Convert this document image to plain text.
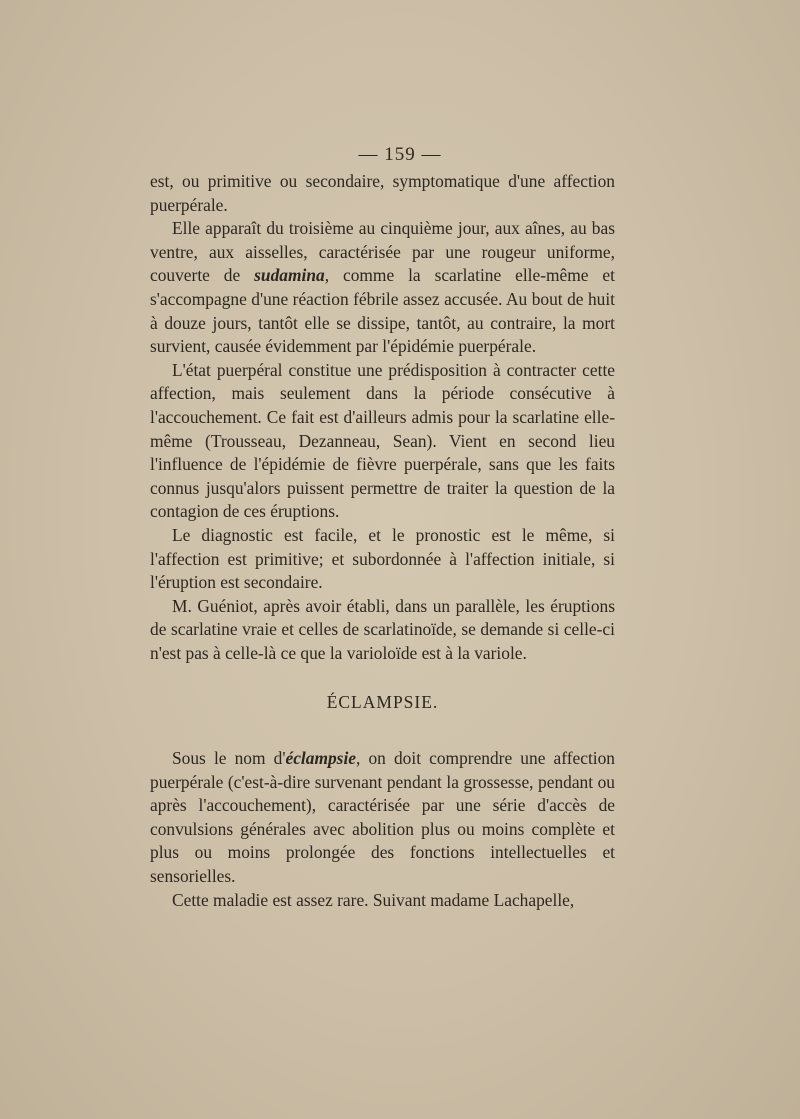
— 159 —

est, ou primitive ou secondaire, symptomatique d'une affection puerpérale.

Elle apparaît du troisième au cinquième jour, aux aînes, au bas ventre, aux aisselles, caractérisée par une rougeur uniforme, couverte de sudamina, comme la scarlatine elle-même et s'accompagne d'une réaction fébrile assez accusée. Au bout de huit à douze jours, tantôt elle se dissipe, tantôt, au contraire, la mort survient, causée évidemment par l'épidémie puerpérale.

L'état puerpéral constitue une prédisposition à contracter cette affection, mais seulement dans la période consécutive à l'accouchement. Ce fait est d'ailleurs admis pour la scarlatine elle-même (Trousseau, Dezanneau, Sean). Vient en second lieu l'influence de l'épidémie de fièvre puerpérale, sans que les faits connus jusqu'alors puissent permettre de traiter la question de la contagion de ces éruptions.

Le diagnostic est facile, et le pronostic est le même, si l'affection est primitive; et subordonnée à l'affection initiale, si l'éruption est secondaire.

M. Guéniot, après avoir établi, dans un parallèle, les éruptions de scarlatine vraie et celles de scarlatinoïde, se demande si celle-ci n'est pas à celle-là ce que la varioloïde est à la variole.

ÉCLAMPSIE.

Sous le nom d'éclampsie, on doit comprendre une affection puerpérale (c'est-à-dire survenant pendant la grossesse, pendant ou après l'accouchement), caractérisée par une série d'accès de convulsions générales avec abolition plus ou moins complète et plus ou moins prolongée des fonctions intellectuelles et sensorielles.

Cette maladie est assez rare. Suivant madame Lachapelle,
